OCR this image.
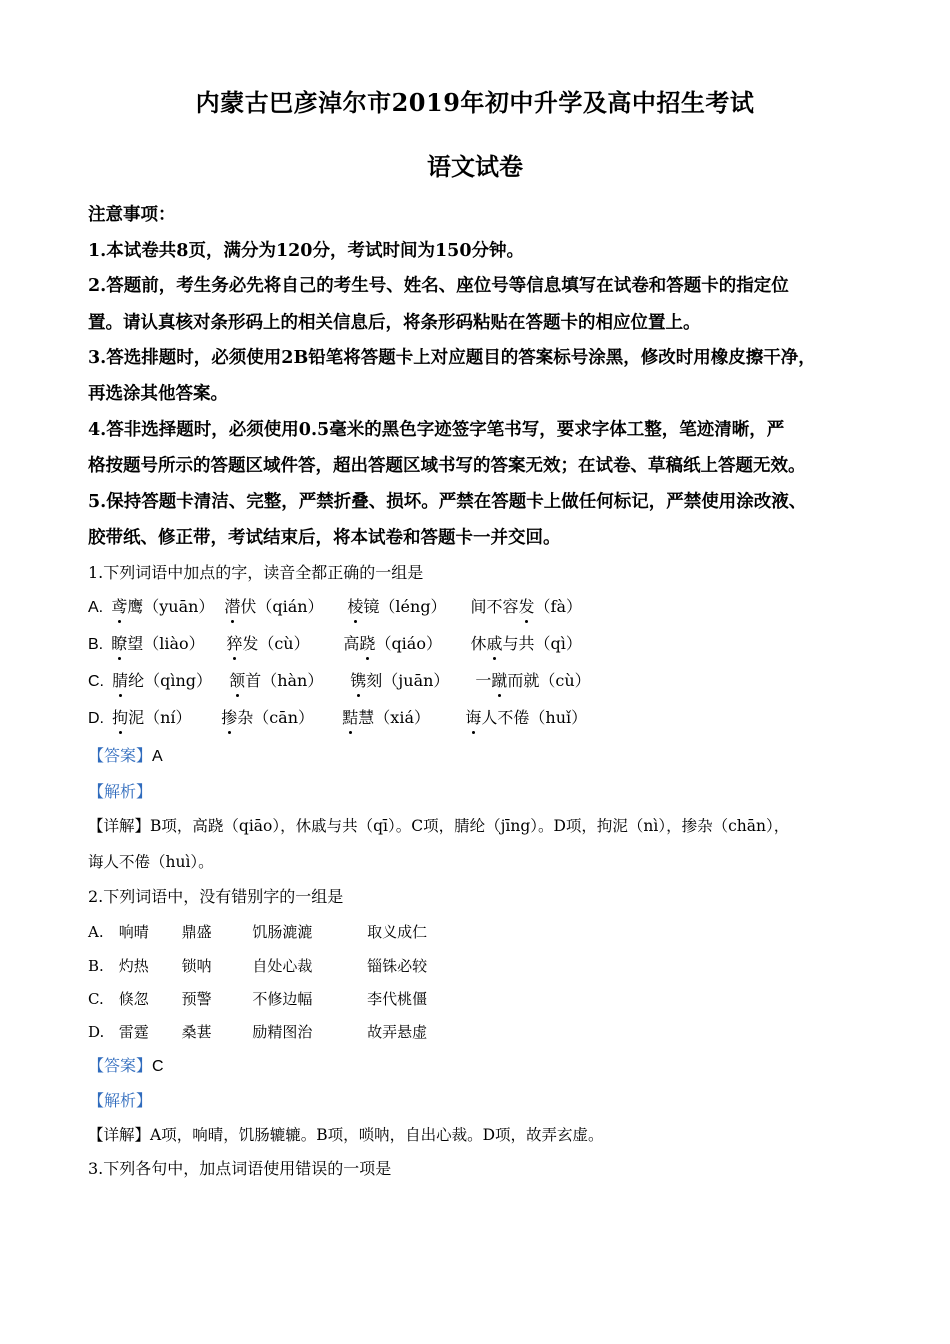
内蒙古巴彦淖尔市2019年初中升学及高中招生考试
语文试卷
注意事项：
1.本试卷共8页，满分为120分，考试时间为150分钟。
2.答题前，考生务必先将自己的考生号、姓名、座位号等信息填写在试卷和答题卡的指定位
置。请认真核对条形码上的相关信息后，将条形码粘贴在答题卡的相应位置上。
3.答选排题时，必须使用2B铅笔将答题卡上对应题目的答案标号涂黑，修改时用橡皮擦干净，
再选涂其他答案。
4.答非选择题时，必须使用0.5毫米的黑色字迹签字笔书写，要求字体工整，笔迹清晰，严
格按题号所示的答题区域件答，超出答题区域书写的答案无效；在试卷、草稿纸上答题无效。
5.保持答题卡清洁、完整，严禁折叠、损坏。严禁在答题卡上做任何标记，严禁使用涂改液、
胶带纸、修正带，考试结束后，将本试卷和答题卡一并交回。
1.下列词语中加点的字，读音全都正确的一组是
A. 鸢鹰（yuān） 潜伏（qián） 棱镜（léng） 间不容发（fà）
B. 瞭望（liào） 猝发（cù） 高跷（qiáo） 休戚与共（qì）
C. 腈纶（qìng） 颔首（hàn） 镌刻（juān） 一蹴而就（cù）
D. 拘泥（ní） 掺杂（cān） 黠慧（xiá） 诲人不倦（huǐ）
【答案】A
【解析】
【详解】B项，高跷（qiāo），休戚与共（qī）。C项，腈纶（jīng）。D项，拘泥（nì），掺杂（chān），
诲人不倦（huì）。
2.下列词语中，没有错别字的一组是
A. 响晴 鼎盛	饥肠漉漉	取义成仁
B. 灼热 锁呐	自处心裁	锱铢必较
C. 倏忽 预警	不修边幅	李代桃僵
D. 雷霆 桑葚	励精图治	故弄悬虚
【答案】C
【解析】
【详解】A项，响晴，饥肠辘辘。B项，唢呐，自出心裁。D项，故弄玄虚。
3.下列各句中，加点词语使用错误的一项是
